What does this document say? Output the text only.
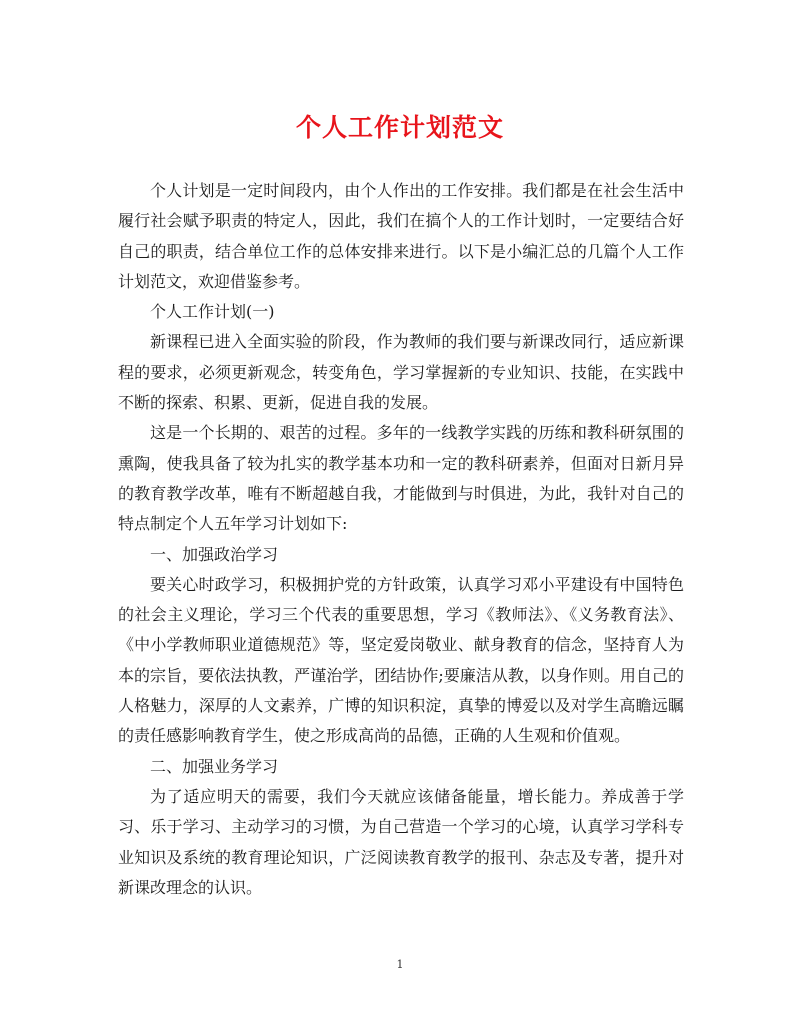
个人工作计划范文

个人计划是一定时间段内，由个人作出的工作安排。我们都是在社会生活中履行社会赋予职责的特定人，因此，我们在搞个人的工作计划时，一定要结合好自己的职责，结合单位工作的总体安排来进行。以下是小编汇总的几篇个人工作计划范文，欢迎借鉴参考。

个人工作计划(一)

新课程已进入全面实验的阶段，作为教师的我们要与新课改同行，适应新课程的要求，必须更新观念，转变角色，学习掌握新的专业知识、技能，在实践中不断的探索、积累、更新，促进自我的发展。

这是一个长期的、艰苦的过程。多年的一线教学实践的历练和教科研氛围的熏陶，使我具备了较为扎实的教学基本功和一定的教科研素养，但面对日新月异的教育教学改革，唯有不断超越自我，才能做到与时俱进，为此，我针对自己的特点制定个人五年学习计划如下:

一、加强政治学习

要关心时政学习，积极拥护党的方针政策，认真学习邓小平建设有中国特色的社会主义理论，学习三个代表的重要思想，学习《教师法》、《义务教育法》、《中小学教师职业道德规范》等，坚定爱岗敬业、献身教育的信念，坚持育人为本的宗旨，要依法执教，严谨治学，团结协作;要廉洁从教，以身作则。用自己的人格魅力，深厚的人文素养，广博的知识积淀，真挚的博爱以及对学生高瞻远瞩的责任感影响教育学生，使之形成高尚的品德，正确的人生观和价值观。

二、加强业务学习

为了适应明天的需要，我们今天就应该储备能量，增长能力。养成善于学习、乐于学习、主动学习的习惯，为自己营造一个学习的心境，认真学习学科专业知识及系统的教育理论知识，广泛阅读教育教学的报刊、杂志及专著，提升对新课改理念的认识。

1
